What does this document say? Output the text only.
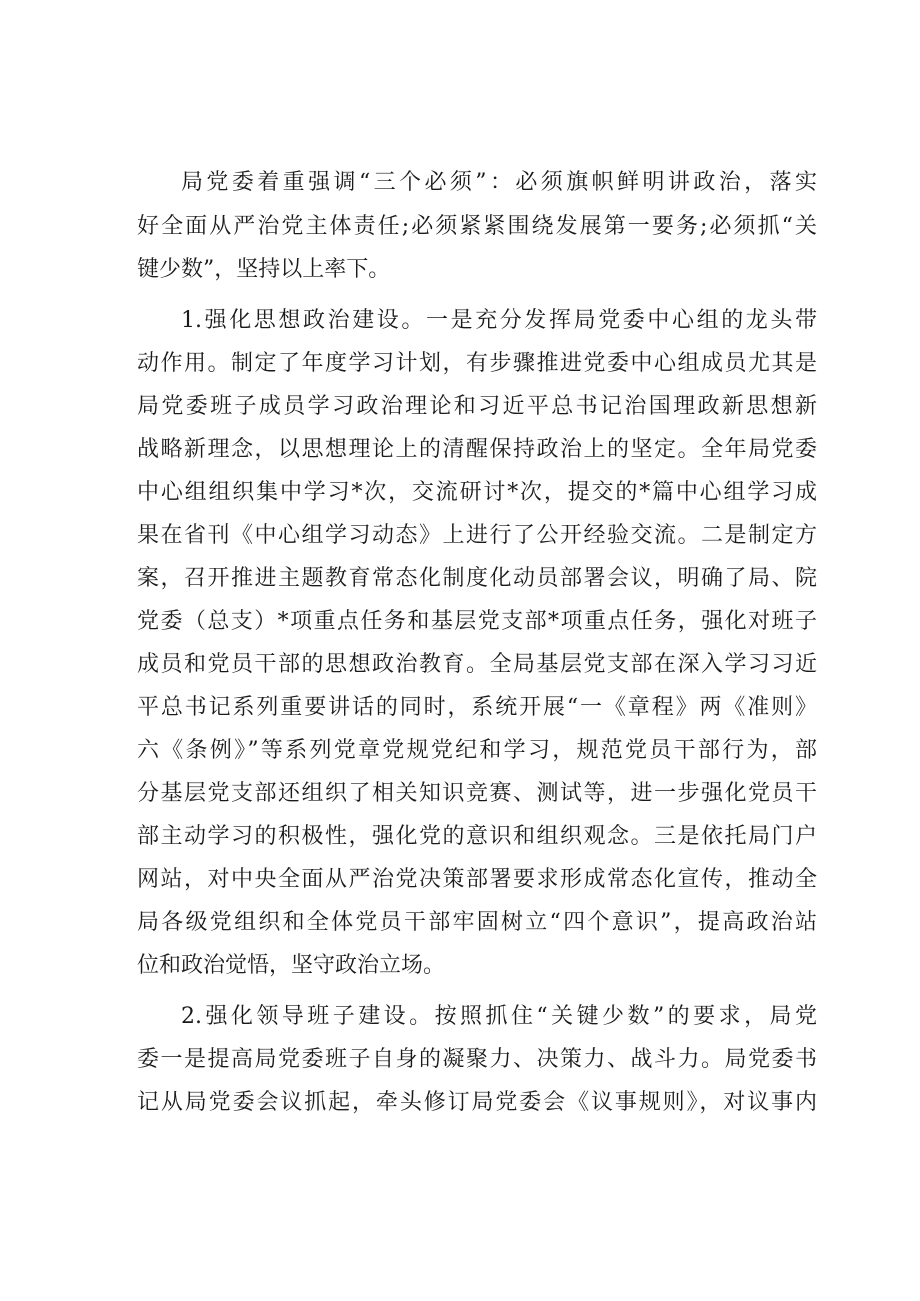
局党委着重强调“三个必须”：必须旗帜鲜明讲政治，落实
好全面从严治党主体责任;必须紧紧围绕发展第一要务;必须抓“关
键少数”，坚持以上率下。
1.强化思想政治建设。一是充分发挥局党委中心组的龙头带
动作用。制定了年度学习计划，有步骤推进党委中心组成员尤其是
局党委班子成员学习政治理论和习近平总书记治国理政新思想新
战略新理念，以思想理论上的清醒保持政治上的坚定。全年局党委
中心组组织集中学习*次，交流研讨*次，提交的*篇中心组学习成
果在省刊《中心组学习动态》上进行了公开经验交流。二是制定方
案，召开推进主题教育常态化制度化动员部署会议，明确了局、院
党委（总支）*项重点任务和基层党支部*项重点任务，强化对班子
成员和党员干部的思想政治教育。全局基层党支部在深入学习习近
平总书记系列重要讲话的同时，系统开展“一《章程》两《准则》
六《条例》”等系列党章党规党纪和学习，规范党员干部行为，部
分基层党支部还组织了相关知识竞赛、测试等，进一步强化党员干
部主动学习的积极性，强化党的意识和组织观念。三是依托局门户
网站，对中央全面从严治党决策部署要求形成常态化宣传，推动全
局各级党组织和全体党员干部牢固树立“四个意识”，提高政治站
位和政治觉悟，坚守政治立场。
2.强化领导班子建设。按照抓住“关键少数”的要求，局党
委一是提高局党委班子自身的凝聚力、决策力、战斗力。局党委书
记从局党委会议抓起，牵头修订局党委会《议事规则》，对议事内
